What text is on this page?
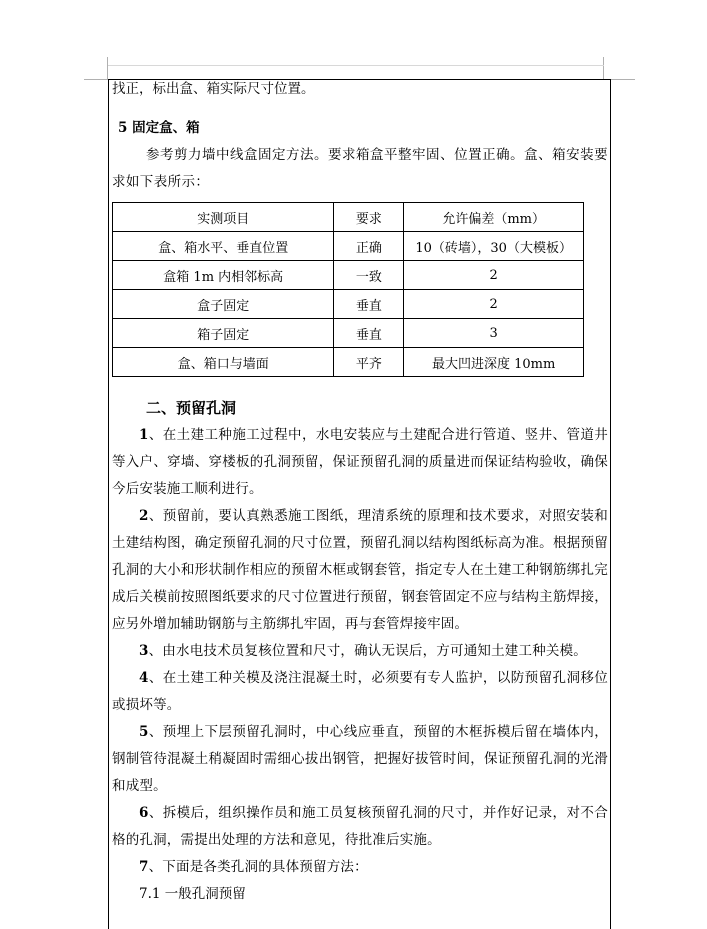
找正，标出盒、箱实际尺寸位置。

5 固定盒、箱

参考剪力墙中线盒固定方法。要求箱盒平整牢固、位置正确。盒、箱安装要求如下表所示：

实测项目	要求	允许偏差（mm）
盒、箱水平、垂直位置	正确	10（砖墙），30（大模板）
盒箱 1m 内相邻标高	一致	2
盒子固定	垂直	2
箱子固定	垂直	3
盒、箱口与墙面	平齐	最大凹进深度 10mm

二、预留孔洞

1、在土建工种施工过程中，水电安装应与土建配合进行管道、竖井、管道井等入户、穿墙、穿楼板的孔洞预留，保证预留孔洞的质量进而保证结构验收，确保今后安装施工顺利进行。

2、预留前，要认真熟悉施工图纸，理清系统的原理和技术要求，对照安装和土建结构图，确定预留孔洞的尺寸位置，预留孔洞以结构图纸标高为准。根据预留孔洞的大小和形状制作相应的预留木框或钢套管，指定专人在土建工种钢筋绑扎完成后关模前按照图纸要求的尺寸位置进行预留，钢套管固定不应与结构主筋焊接，应另外增加辅助钢筋与主筋绑扎牢固，再与套管焊接牢固。

3、由水电技术员复核位置和尺寸，确认无误后，方可通知土建工种关模。

4、在土建工种关模及浇注混凝土时，必须要有专人监护，以防预留孔洞移位或损坏等。

5、预埋上下层预留孔洞时，中心线应垂直，预留的木框拆模后留在墙体内，钢制管待混凝土稍凝固时需细心拔出钢管，把握好拔管时间，保证预留孔洞的光滑和成型。

6、拆模后，组织操作员和施工员复核预留孔洞的尺寸，并作好记录，对不合格的孔洞，需提出处理的方法和意见，待批准后实施。

7、下面是各类孔洞的具体预留方法：

7.1 一般孔洞预留
